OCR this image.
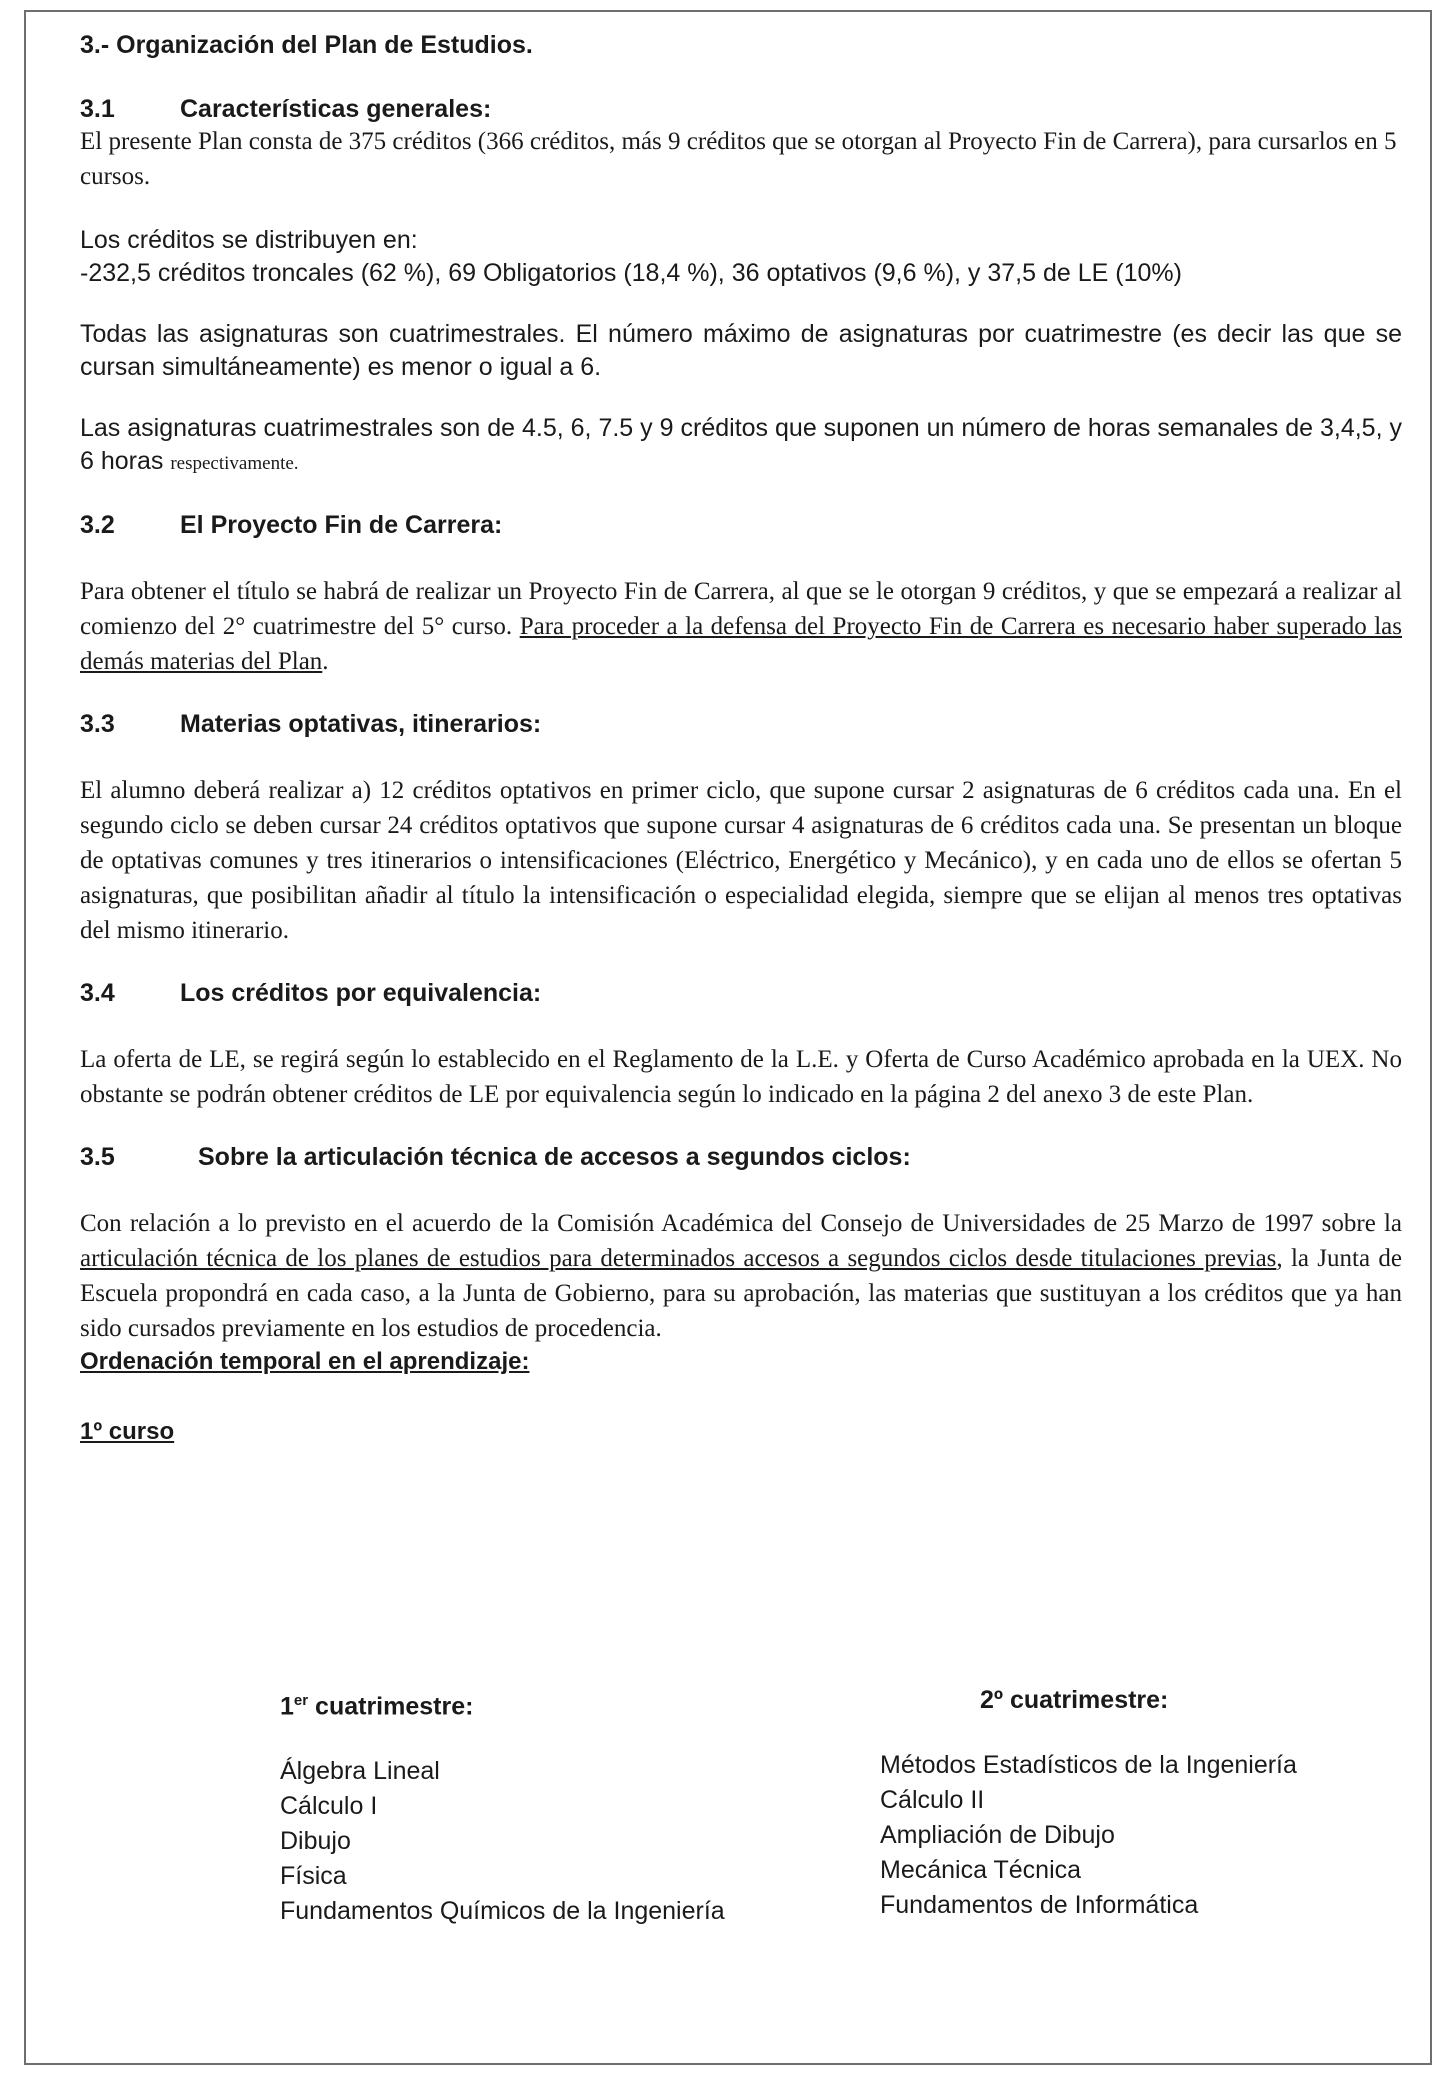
3.- Organización del Plan de Estudios.

3.1	Características generales:

El presente Plan consta de 375 créditos (366 créditos, más 9 créditos que se otorgan al Proyecto Fin de Carrera), para cursarlos en 5 cursos.

Los créditos se distribuyen en:

-232,5 créditos troncales (62 %), 69 Obligatorios (18,4 %), 36 optativos (9,6 %), y 37,5 de LE (10%)

Todas las asignaturas son cuatrimestrales. El número máximo de asignaturas por cuatrimestre (es decir las que se cursan simultáneamente) es menor o igual a 6.

Las asignaturas cuatrimestrales son de 4.5, 6, 7.5 y 9 créditos que suponen un número de horas semanales de 3,4,5, y 6 horas respectivamente.

3.2	El Proyecto Fin de Carrera:

Para obtener el título se habrá de realizar un Proyecto Fin de Carrera, al que se le otorgan 9 créditos, y que se empezará a realizar al comienzo del 2° cuatrimestre del 5° curso. Para proceder a la defensa del Proyecto Fin de Carrera es necesario haber superado las demás materias del Plan.

3.3	Materias optativas, itinerarios:

El alumno deberá realizar a) 12 créditos optativos en primer ciclo, que supone cursar 2 asignaturas de 6 créditos cada una. En el segundo ciclo se deben cursar 24 créditos optativos que supone cursar 4 asignaturas de 6 créditos cada una. Se presentan un bloque de optativas comunes y tres itinerarios o intensificaciones (Eléctrico, Energético y Mecánico), y en cada uno de ellos se ofertan 5 asignaturas, que posibilitan añadir al título la intensificación o especialidad elegida, siempre que se elijan al menos tres optativas del mismo itinerario.

3.4	Los créditos por equivalencia:

La oferta de LE, se regirá según lo establecido en el Reglamento de la L.E. y Oferta de Curso Académico aprobada en la UEX. No obstante se podrán obtener créditos de LE por equivalencia según lo indicado en la página 2 del anexo 3 de este Plan.

3.5	Sobre la articulación técnica de accesos a segundos ciclos:

Con relación a lo previsto en el acuerdo de la Comisión Académica del Consejo de Universidades de 25 Marzo de 1997 sobre la articulación técnica de los planes de estudios para determinados accesos a segundos ciclos desde titulaciones previas, la Junta de Escuela propondrá en cada caso, a la Junta de Gobierno, para su aprobación, las materias que sustituyan a los créditos que ya han sido cursados previamente en los estudios de procedencia.

Ordenación temporal en el aprendizaje:

1º curso

1er cuatrimestre:
Álgebra Lineal
Cálculo I
Dibujo
Física
Fundamentos Químicos de la Ingeniería
2º cuatrimestre:
Métodos Estadísticos de la Ingeniería
Cálculo II
Ampliación de Dibujo
Mecánica Técnica
Fundamentos de Informática
